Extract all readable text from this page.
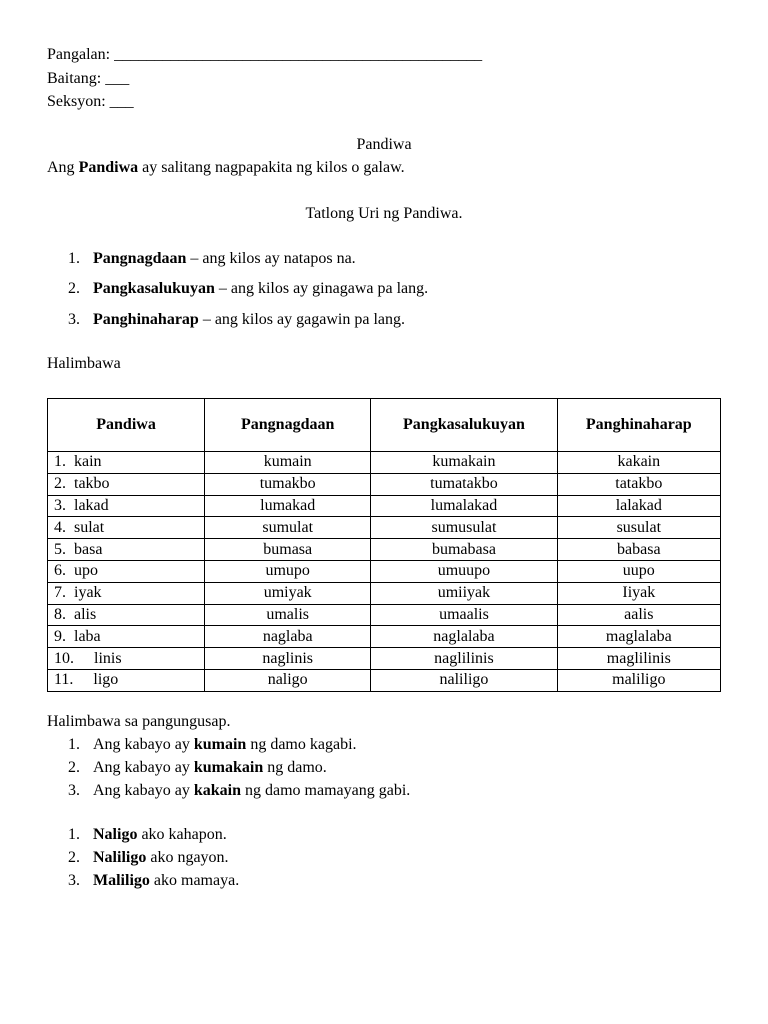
Pangalan: ______________________________________________
Baitang: ___
Seksyon: ___
Pandiwa
Ang Pandiwa ay salitang nagpapakita ng kilos o galaw.
Tatlong Uri ng Pandiwa.
1. Pangnagdaan – ang kilos ay natapos na.
2. Pangkasalukuyan – ang kilos ay ginagawa pa lang.
3. Panghinaharap – ang kilos ay gagawin pa lang.
Halimbawa
Pandiwa	Pangnagdaan	Pangkasalukuyan	Panghinaharap
1.  kain	kumain	kumakain	kakain
2.  takbo	tumakbo	tumatakbo	tatakbo
3.  lakad	lumakad	lumalakad	lalakad
4.  sulat	sumulat	sumusulat	susulat
5.  basa	bumasa	bumabasa	babasa
6.  upo	umupo	umuupo	uupo
7.  iyak	umiyak	umiiyak	Iiyak
8.  alis	umalis	umaalis	aalis
9.  laba	naglaba	naglalaba	maglalaba
10.     linis	naglinis	naglilinis	maglilinis
11.     ligo	naligo	naliligo	maliligo
Halimbawa sa pangungusap.
1. Ang kabayo ay kumain ng damo kagabi.
2. Ang kabayo ay kumakain ng damo.
3. Ang kabayo ay kakain ng damo mamayang gabi.
1. Naligo ako kahapon.
2. Naliligo ako ngayon.
3. Maliligo ako mamaya.
